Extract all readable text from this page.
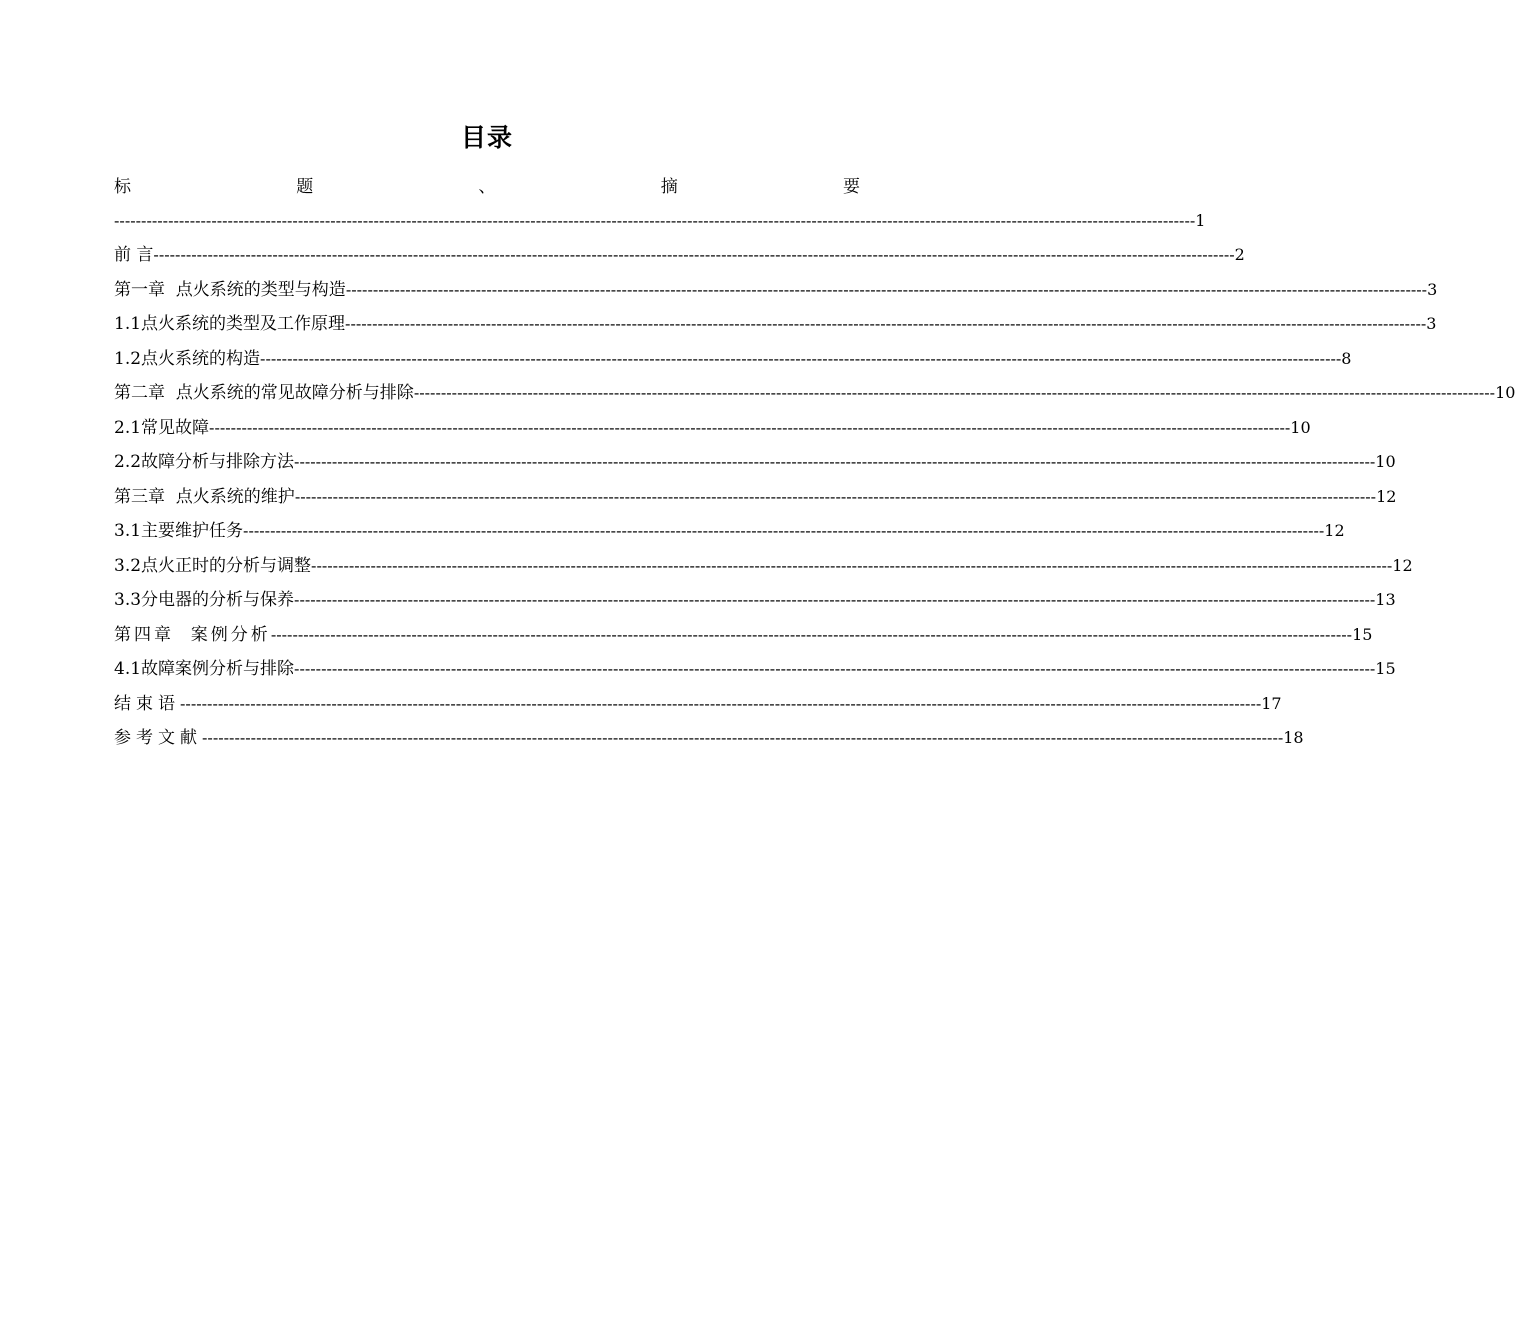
目录
标	题	、	摘	要
-------------------------------------------------------------------------------------------------------------------------------------------------------------------------------------------------------- 1
前 言 -------------------------------------------------------------------------------------------------------------------------------------------------------------------------------------------------------- 2
第一章  点火系统的类型与构造 -------------------------------------------------------------------------------------------------------------------------------------------------------------------------------------------------------- 3
1.1点火系统的类型及工作原理 -------------------------------------------------------------------------------------------------------------------------------------------------------------------------------------------------------- 3
1.2点火系统的构造 -------------------------------------------------------------------------------------------------------------------------------------------------------------------------------------------------------- 8
第二章  点火系统的常见故障分析与排除 -------------------------------------------------------------------------------------------------------------------------------------------------------------------------------------------------------- 10
2.1常见故障 -------------------------------------------------------------------------------------------------------------------------------------------------------------------------------------------------------- 10
2.2故障分析与排除方法 -------------------------------------------------------------------------------------------------------------------------------------------------------------------------------------------------------- 10
第三章  点火系统的维护 -------------------------------------------------------------------------------------------------------------------------------------------------------------------------------------------------------- 12
3.1主要维护任务 -------------------------------------------------------------------------------------------------------------------------------------------------------------------------------------------------------- 12
3.2点火正时的分析与调整 -------------------------------------------------------------------------------------------------------------------------------------------------------------------------------------------------------- 12
3.3分电器的分析与保养 -------------------------------------------------------------------------------------------------------------------------------------------------------------------------------------------------------- 13
第四章  案例分析 -------------------------------------------------------------------------------------------------------------------------------------------------------------------------------------------------------- 15
4.1故障案例分析与排除 -------------------------------------------------------------------------------------------------------------------------------------------------------------------------------------------------------- 15
结束语 -------------------------------------------------------------------------------------------------------------------------------------------------------------------------------------------------------- 17
参考文献 -------------------------------------------------------------------------------------------------------------------------------------------------------------------------------------------------------- 18
